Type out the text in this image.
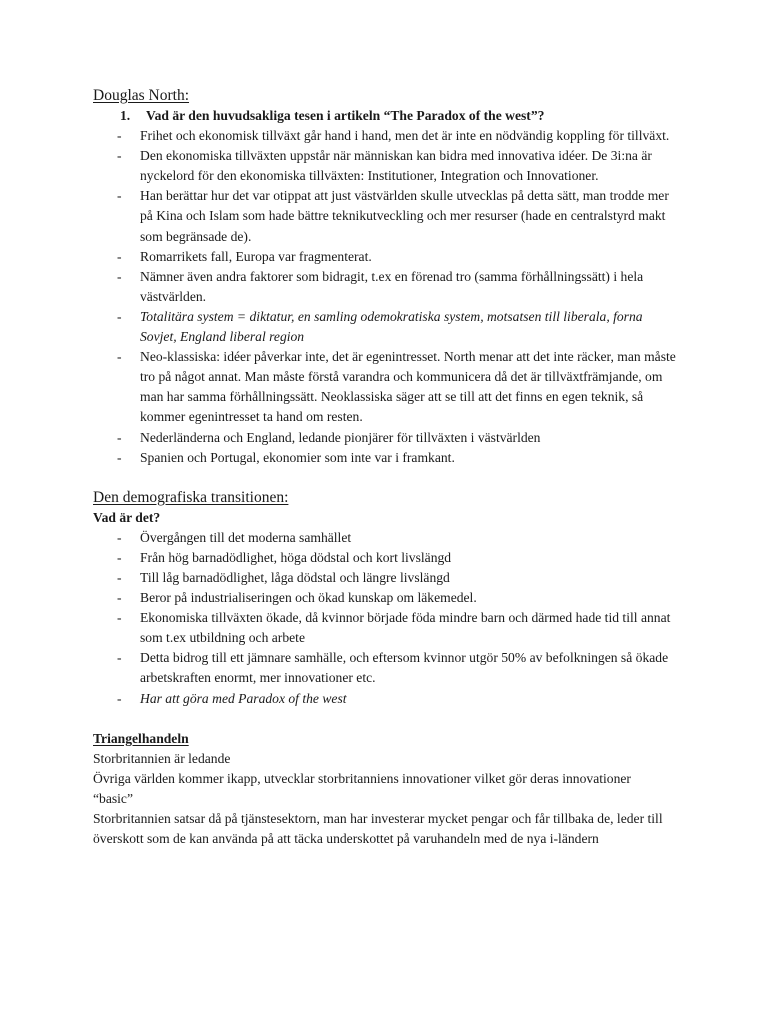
Douglas North:
1.	Vad är den huvudsakliga tesen i artikeln “The Paradox of the west”?
-	Frihet och ekonomisk tillväxt går hand i hand, men det är inte en nödvändig koppling för tillväxt.
-	Den ekonomiska tillväxten uppstår när människan kan bidra med innovativa idéer. De 3i:na är nyckelord för den ekonomiska tillväxten: Institutioner, Integration och Innovationer.
-	Han berättar hur det var otippat att just västvärlden skulle utvecklas på detta sätt, man trodde mer på Kina och Islam som hade bättre teknikutveckling och mer resurser (hade en centralstyrd makt som begränsade de).
-	Romarrikets fall, Europa var fragmenterat.
-	Nämner även andra faktorer som bidragit, t.ex en förenad tro (samma förhållningssätt) i hela västvärlden.
-	Totalitära system = diktatur, en samling odemokratiska system, motsatsen till liberala, forna Sovjet, England liberal region
-	Neo-klassiska: idéer påverkar inte, det är egenintresset. North menar att det inte räcker, man måste tro på något annat. Man måste förstå varandra och kommunicera då det är tillväxtfrämjande, om man har samma förhållningssätt. Neoklassiska säger att se till att det finns en egen teknik, så kommer egenintresset ta hand om resten.
-	Nederländerna och England, ledande pionjärer för tillväxten i västvärlden
-	Spanien och Portugal, ekonomier som inte var i framkant.
Den demografiska transitionen:
Vad är det?
-	Övergången till det moderna samhället
-	Från hög barnadödlighet, höga dödstal och kort livslängd
-	Till låg barnadödlighet, låga dödstal och längre livslängd
-	Beror på industrialiseringen och ökad kunskap om läkemedel.
-	Ekonomiska tillväxten ökade, då kvinnor började föda mindre barn och därmed hade tid till annat som t.ex utbildning och arbete
-	Detta bidrog till ett jämnare samhälle, och eftersom kvinnor utgör 50% av befolkningen så ökade arbetskraften enormt, mer innovationer etc.
-	Har att göra med Paradox of the west
Triangelhandeln
Storbritannien är ledande
Övriga världen kommer ikapp, utvecklar storbritanniens innovationer vilket gör deras innovationer “basic”
Storbritannien satsar då på tjänstesektorn, man har investerar mycket pengar och får tillbaka de, leder till överskott som de kan använda på att täcka underskottet på varuhandeln med de nya i-ländern
